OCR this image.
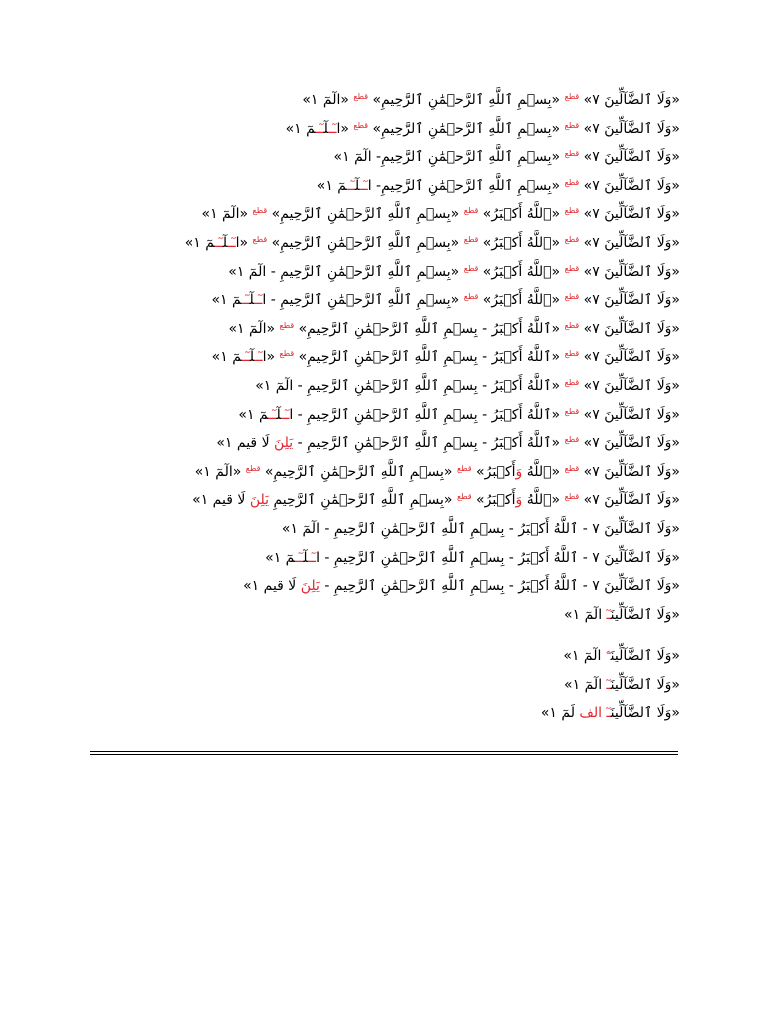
«وَلَا ٱلضَّآلِّينَ ٧» $^{قطع}$ «بِسۡمِ ٱللَّهِ ٱلرَّحۡمَٰنِ ٱلرَّحِيمِ» $^{قطع}$ «الٓمٓ ١»
«وَلَا ٱلضَّآلِّينَ ٧» $^{قطع}$ «بِسۡمِ ٱللَّهِ ٱلرَّحۡمَٰنِ ٱلرَّحِيمِ» $^{قطع}$ «اـٓـلٓـٓـمٓ ١»
«وَلَا ٱلضَّآلِّينَ ٧» $^{قطع}$ «بِسۡمِ ٱللَّهِ ٱلرَّحۡمَٰنِ ٱلرَّحِيمِ- الٓمٓ ١»
«وَلَا ٱلضَّآلِّينَ ٧» $^{قطع}$ «بِسۡمِ ٱللَّهِ ٱلرَّحۡمَٰنِ ٱلرَّحِيمِ- اـٓـلٓـٓـمٓ ١»
«وَلَا ٱلضَّآلِّينَ ٧» $^{قطع}$ «ٱللَّهُ أَكۡبَرُ» $^{قطع}$ «بِسۡمِ ٱللَّهِ ٱلرَّحۡمَٰنِ ٱلرَّحِيمِ» $^{قطع}$ «الٓمٓ ١»
«وَلَا ٱلضَّآلِّينَ ٧» $^{قطع}$ «ٱللَّهُ أَكۡبَرُ» $^{قطع}$ «بِسۡمِ ٱللَّهِ ٱلرَّحۡمَٰنِ ٱلرَّحِيمِ» $^{قطع}$ «اـٓـلٓـٓـمٓ ١»
«وَلَا ٱلضَّآلِّينَ ٧» $^{قطع}$ «ٱللَّهُ أَكۡبَرُ» $^{قطع}$ «بِسۡمِ ٱللَّهِ ٱلرَّحۡمَٰنِ ٱلرَّحِيمِ - الٓمٓ ١»
«وَلَا ٱلضَّآلِّينَ ٧» $^{قطع}$ «ٱللَّهُ أَكۡبَرُ» $^{قطع}$ «بِسۡمِ ٱللَّهِ ٱلرَّحۡمَٰنِ ٱلرَّحِيمِ - اـٓـلٓـٓـمٓ ١»
«وَلَا ٱلضَّآلِّينَ ٧» $^{قطع}$ «ٱللَّهُ أَكۡبَرُ - بِسۡمِ ٱللَّهِ ٱلرَّحۡمَٰنِ ٱلرَّحِيمِ» $^{قطع}$ «الٓمٓ ١»
«وَلَا ٱلضَّآلِّينَ ٧» $^{قطع}$ «ٱللَّهُ أَكۡبَرُ - بِسۡمِ ٱللَّهِ ٱلرَّحۡمَٰنِ ٱلرَّحِيمِ» $^{قطع}$ «اـٓـلٓـٓـمٓ ١»
«وَلَا ٱلضَّآلِّينَ ٧» $^{قطع}$ «ٱللَّهُ أَكۡبَرُ - بِسۡمِ ٱللَّهِ ٱلرَّحۡمَٰنِ ٱلرَّحِيمِ - الٓمٓ ١»
«وَلَا ٱلضَّآلِّينَ ٧» $^{قطع}$ «ٱللَّهُ أَكۡبَرُ - بِسۡمِ ٱللَّهِ ٱلرَّحۡمَٰنِ ٱلرَّحِيمِ - اـٓـلٓـٓـمٓ ١»
«وَلَا ٱلضَّآلِّينَ ٧» $^{قطع}$ «ٱللَّهُ أَكۡبَرُ - بِسۡمِ ٱللَّهِ ٱلرَّحۡمَٰنِ ٱلرَّحِيمِ - يَلِنَ لَا قيم ١»
«وَلَا ٱلضَّآلِّينَ ٧» $^{قطع}$ «ٱللَّهُ وَأَكۡبَرُ» $^{قطع}$ «بِسۡمِ ٱللَّهِ ٱلرَّحۡمَٰنِ ٱلرَّحِيمِ» $^{قطع}$ «الٓمٓ ١»
«وَلَا ٱلضَّآلِّينَ ٧» $^{قطع}$ «ٱللَّهُ وَأَكۡبَرُ» $^{قطع}$ «بِسۡمِ ٱللَّهِ ٱلرَّحۡمَٰنِ ٱلرَّحِيمِ يَلِنَ لَا قيم ١»
«وَلَا ٱلضَّآلِّينَ ٧ - ٱللَّهُ أَكۡبَرُ - بِسۡمِ ٱللَّهِ ٱلرَّحۡمَٰنِ ٱلرَّحِيمِ - الٓمٓ ١»
«وَلَا ٱلضَّآلِّينَ ٧ - ٱللَّهُ أَكۡبَرُ - بِسۡمِ ٱللَّهِ ٱلرَّحۡمَٰنِ ٱلرَّحِيمِ - اـٓـلٓـٓـمٓ ١»
«وَلَا ٱلضَّآلِّينَ ٧ - ٱللَّهُ أَكۡبَرُ - بِسۡمِ ٱللَّهِ ٱلرَّحۡمَٰنِ ٱلرَّحِيمِ - يَلِنَ لَا قيم ١»
«وَلَا ٱلضَّآلِّينَـٓ الٓمٓ ١»
«وَلَا ٱلضَّآلِّينَ$^ه$ الٓمٓ ١»
«وَلَا ٱلضَّآلِّينَـٓ الٓمٓ ١»
«وَلَا ٱلضَّآلِّينَـٓ الف لَمٓ ١»
